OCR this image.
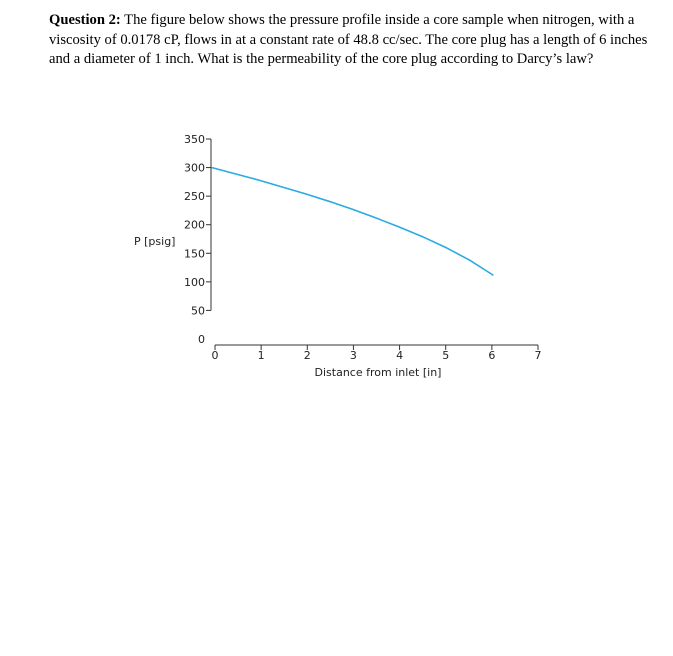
Question 2: The figure below shows the pressure profile inside a core sample when nitrogen, with a viscosity of 0.0178 cP, flows in at a constant rate of 48.8 cc/sec. The core plug has a length of 6 inches and a diameter of 1 inch. What is the permeability of the core plug according to Darcy’s law?

0
50
100
150
200
250
300
350
0	1	2	3	4	5	6	7
P [psig]
Distance from inlet [in]
